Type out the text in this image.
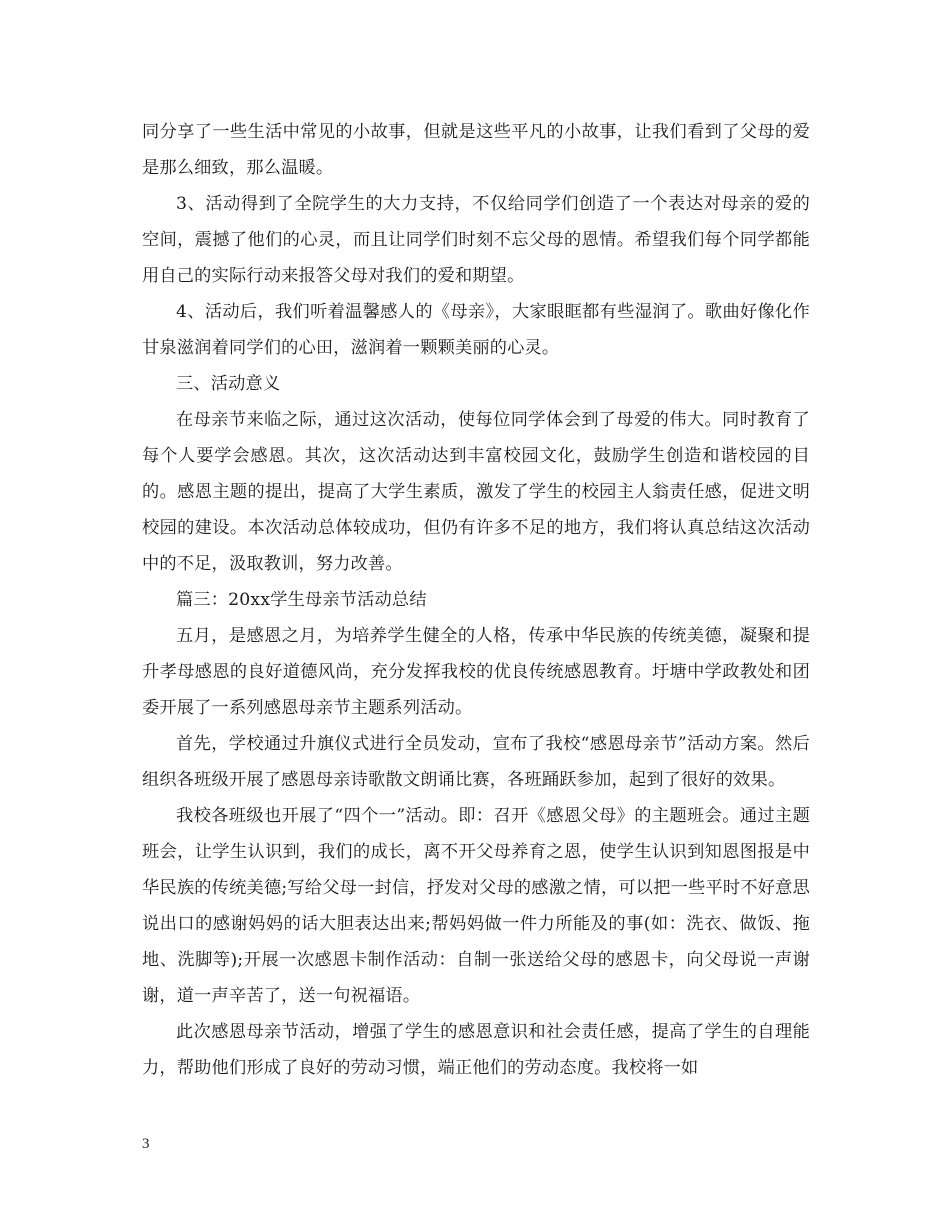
同分享了一些生活中常见的小故事，但就是这些平凡的小故事，让我们看到了父母的爱是那么细致，那么温暖。

3、活动得到了全院学生的大力支持，不仅给同学们创造了一个表达对母亲的爱的空间，震撼了他们的心灵，而且让同学们时刻不忘父母的恩情。希望我们每个同学都能用自己的实际行动来报答父母对我们的爱和期望。

4、活动后，我们听着温馨感人的《母亲》，大家眼眶都有些湿润了。歌曲好像化作甘泉滋润着同学们的心田，滋润着一颗颗美丽的心灵。

三、活动意义

在母亲节来临之际，通过这次活动，使每位同学体会到了母爱的伟大。同时教育了每个人要学会感恩。其次，这次活动达到丰富校园文化，鼓励学生创造和谐校园的目的。感恩主题的提出，提高了大学生素质，激发了学生的校园主人翁责任感，促进文明校园的建设。本次活动总体较成功，但仍有许多不足的地方，我们将认真总结这次活动中的不足，汲取教训，努力改善。

篇三：20xx学生母亲节活动总结

五月，是感恩之月，为培养学生健全的人格，传承中华民族的传统美德，凝聚和提升孝母感恩的良好道德风尚，充分发挥我校的优良传统感恩教育。圩塘中学政教处和团委开展了一系列感恩母亲节主题系列活动。

首先，学校通过升旗仪式进行全员发动，宣布了我校“感恩母亲节”活动方案。然后组织各班级开展了感恩母亲诗歌散文朗诵比赛，各班踊跃参加，起到了很好的效果。

我校各班级也开展了“四个一”活动。即：召开《感恩父母》的主题班会。通过主题班会，让学生认识到，我们的成长，离不开父母养育之恩，使学生认识到知恩图报是中华民族的传统美德;写给父母一封信，抒发对父母的感激之情，可以把一些平时不好意思说出口的感谢妈妈的话大胆表达出来;帮妈妈做一件力所能及的事(如：洗衣、做饭、拖地、洗脚等);开展一次感恩卡制作活动：自制一张送给父母的感恩卡，向父母说一声谢谢，道一声辛苦了，送一句祝福语。

此次感恩母亲节活动，增强了学生的感恩意识和社会责任感，提高了学生的自理能力，帮助他们形成了良好的劳动习惯，端正他们的劳动态度。我校将一如

3
